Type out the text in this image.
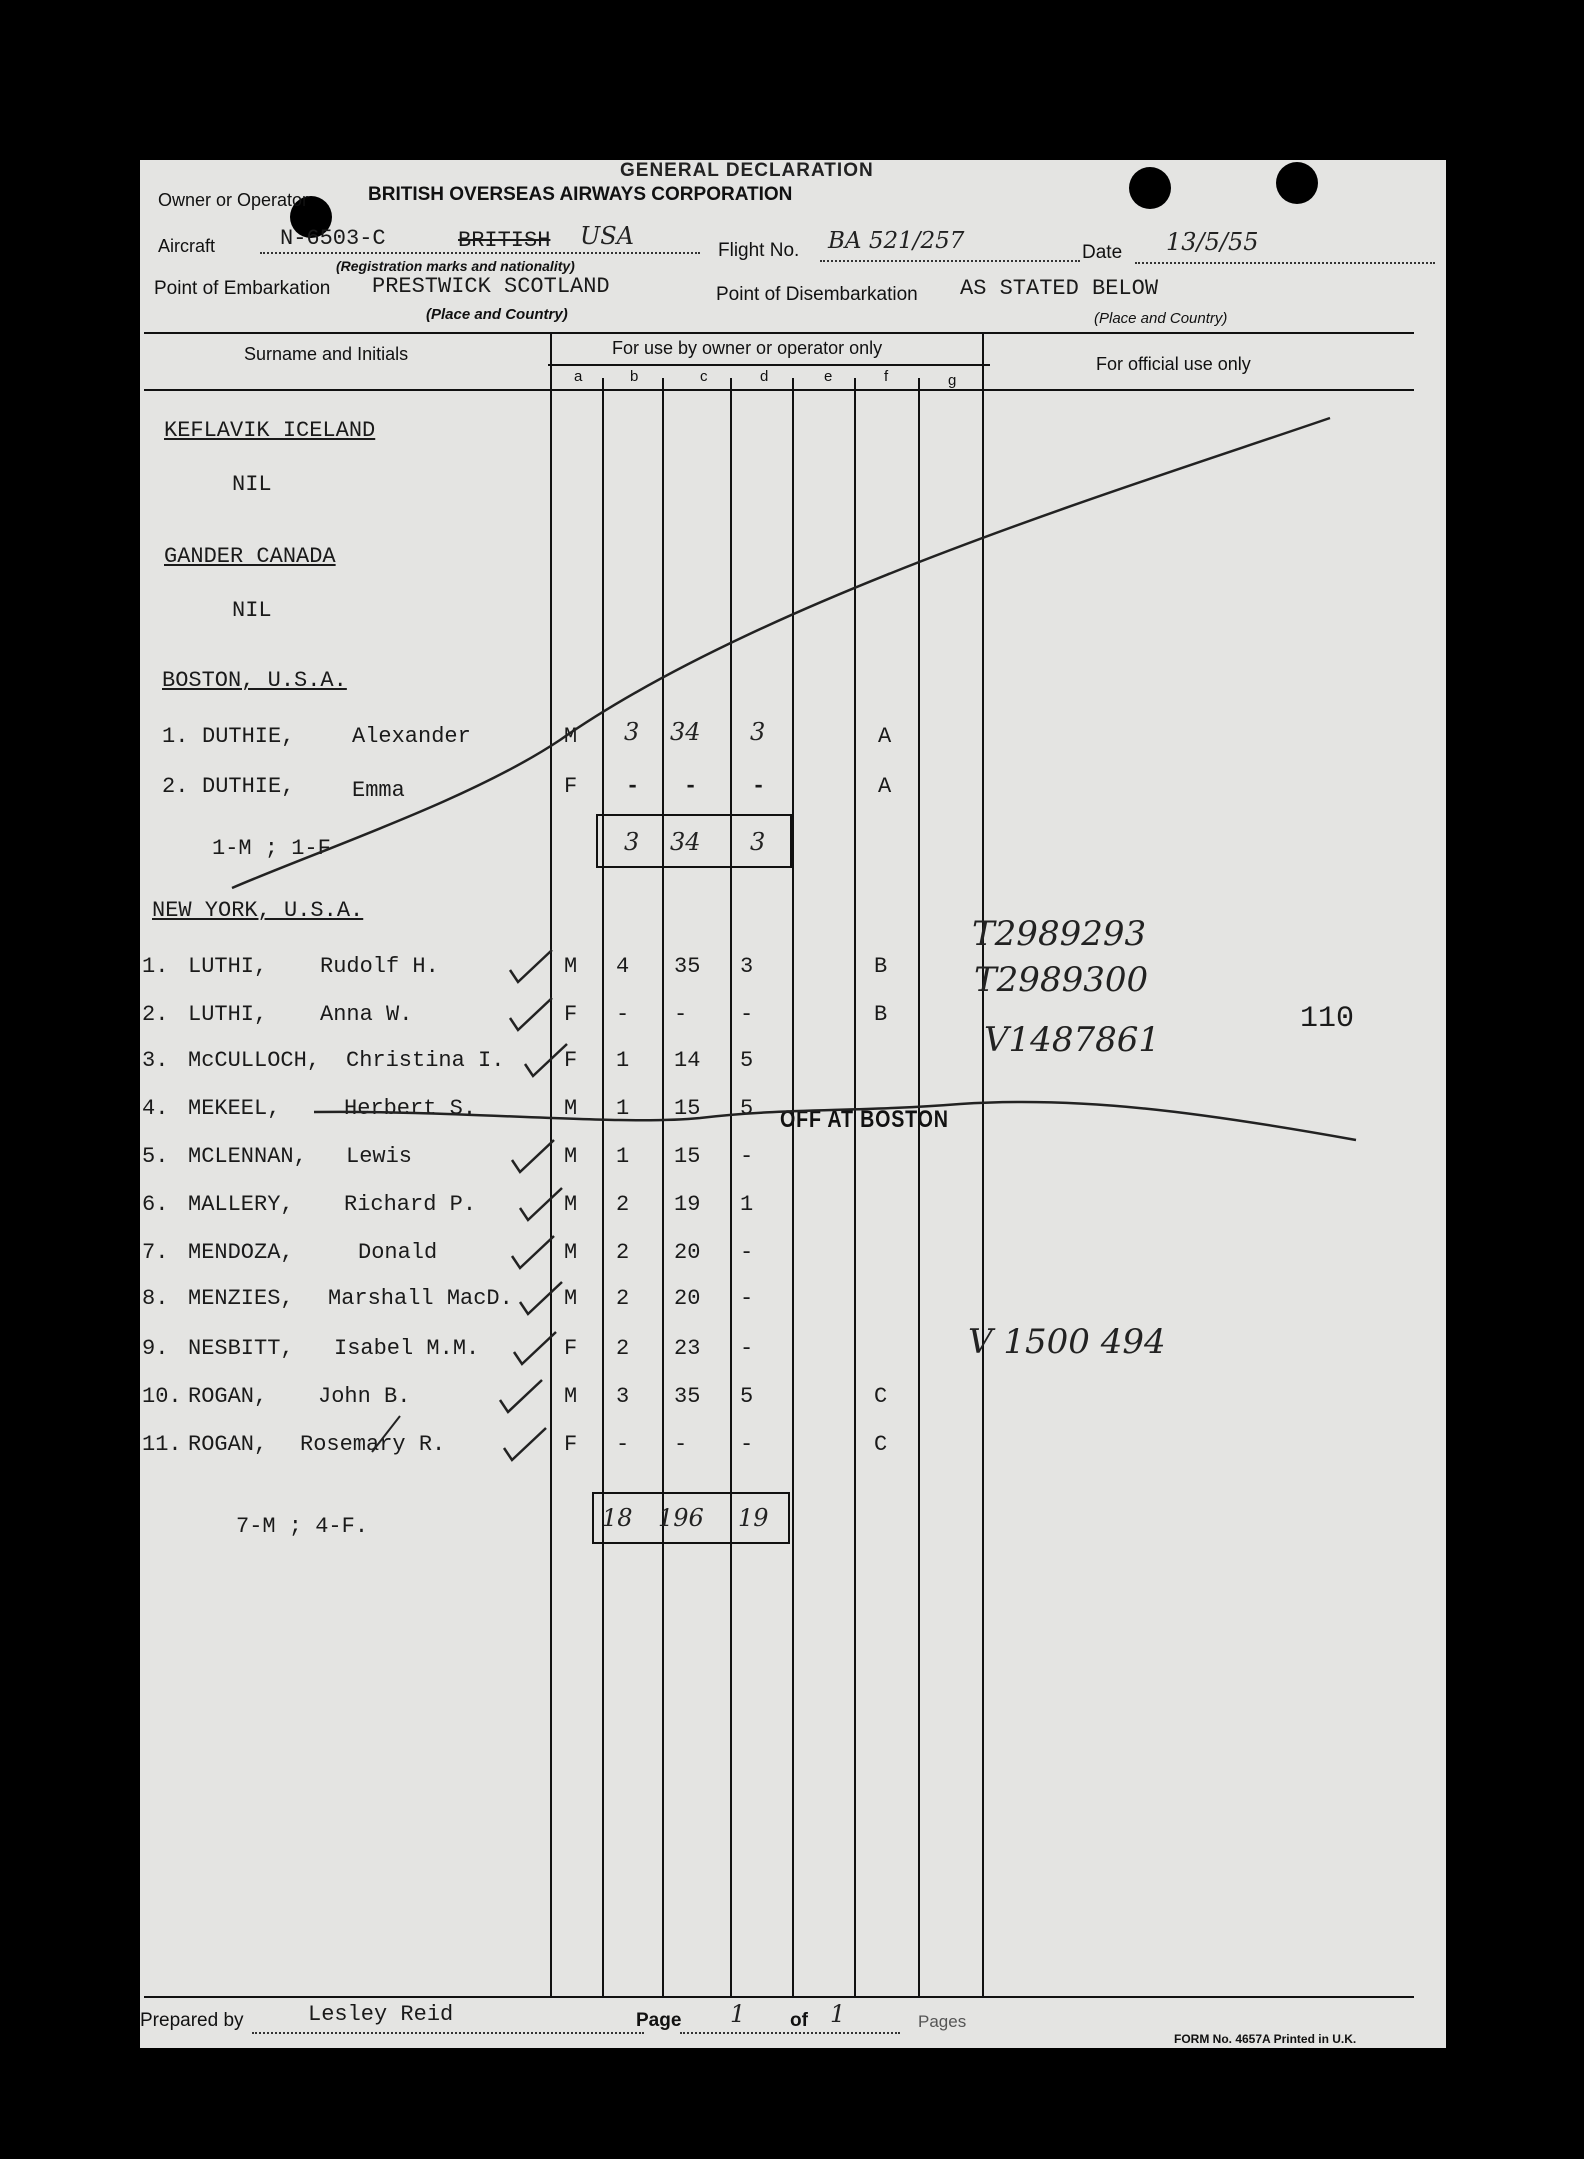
GENERAL DECLARATION
Owner or Operator	BRITISH OVERSEAS AIRWAYS CORPORATION
Aircraft	N-6503-C	BRITISH USA
(Registration marks and nationality)
Flight No. BA 521/257	Date 13/5/55
Point of Embarkation PRESTWICK SCOTLAND
(Place and Country)
Point of Disembarkation AS STATED BELOW
(Place and Country)
Surname and Initials	For use by owner or operator only
For official use only
a	b	c	d	e	f	g
KEFLAVIK ICELAND
NIL
GANDER CANADA
NIL
BOSTON, U.S.A.
1. DUTHIE,	Alexander	M 3 34 3	A
2. DUTHIE,	Emma	F - - -	A
1-M ; 1-F	3 34 3
NEW YORK, U.S.A.
1. LUTHI, Rudolf H.	M 4 35 3	B
2. LUTHI, Anna W.	F - - -	B
3. McCULLOCH, Christina I.	F 1 14 5
4. MEKEEL,	Herbert S.	M 1 15 5
5. MCLENNAN, Lewis	M 1 15 -
6. MALLERY, Richard P.	M 2 19 1
7. MENDOZA,	Donald	M 2 20 -
8. MENZIES, Marshall MacD. M 2 20 -
9. NESBITT, Isabel M.M.	F 2 23 -
10. ROGAN, John B.	M 3 35 5	C
11. ROGAN, Rosemary R.	F - - -	C
OFF AT BOSTON
7-M ; 4-F.	18 196 19
T2989293
T2989300
V1487861
110
V 1500 494
Prepared by	Lesley Reid	Page 1 of 1	Pages
FORM No. 4657A Printed in U.K.
